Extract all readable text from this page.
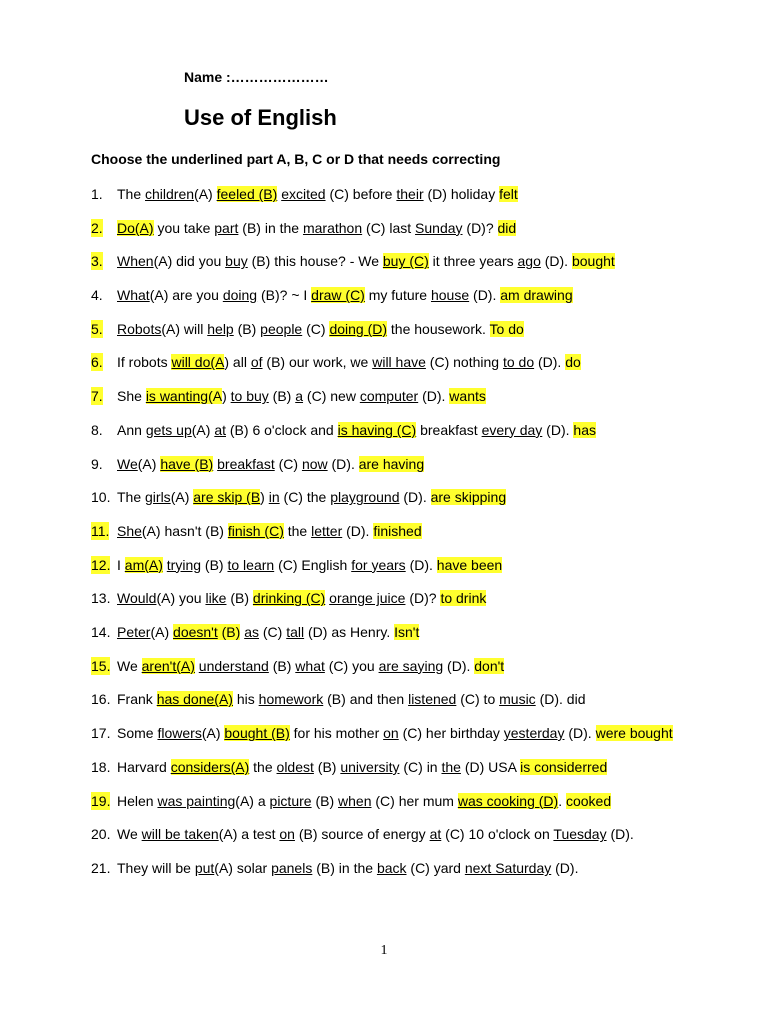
Name :…………………
Use of English
Choose the underlined part A, B, C or D that needs correcting
1. The children(A) feeled (B) excited (C) before their (D) holiday felt
2. Do(A) you take part (B) in the marathon (C) last Sunday (D)? did
3. When(A) did you buy (B) this house? - We buy (C) it three years ago (D). bought
4. What(A) are you doing (B)? ~ I draw (C) my future house (D). am drawing
5. Robots(A) will help (B) people (C) doing (D) the housework. To do
6. If robots will do(A) all of (B) our work, we will have (C) nothing to do (D). do
7. She is wanting(A) to buy (B) a (C) new computer (D). wants
8. Ann gets up(A) at (B) 6 o'clock and is having (C) breakfast every day (D). has
9. We(A) have (B) breakfast (C) now (D). are having
10. The girls(A) are skip (B) in (C) the playground (D). are skipping
11. She(A) hasn't (B) finish (C) the letter (D). finished
12. I am(A) trying (B) to learn (C) English for years (D). have been
13. Would(A) you like (B) drinking (C) orange juice (D)? to drink
14. Peter(A) doesn't (B) as (C) tall (D) as Henry. Isn't
15. We aren't(A) understand (B) what (C) you are saying (D). don't
16. Frank has done(A) his homework (B) and then listened (C) to music (D). did
17. Some flowers(A) bought (B) for his mother on (C) her birthday yesterday (D). were bought
18. Harvard considers(A) the oldest (B) university (C) in the (D) USA is considerred
19. Helen was painting(A) a picture (B) when (C) her mum was cooking (D). cooked
20. We will be taken(A) a test on (B) source of energy at (C) 10 o'clock on Tuesday (D).
21. They will be put(A) solar panels (B) in the back (C) yard next Saturday (D).
1
